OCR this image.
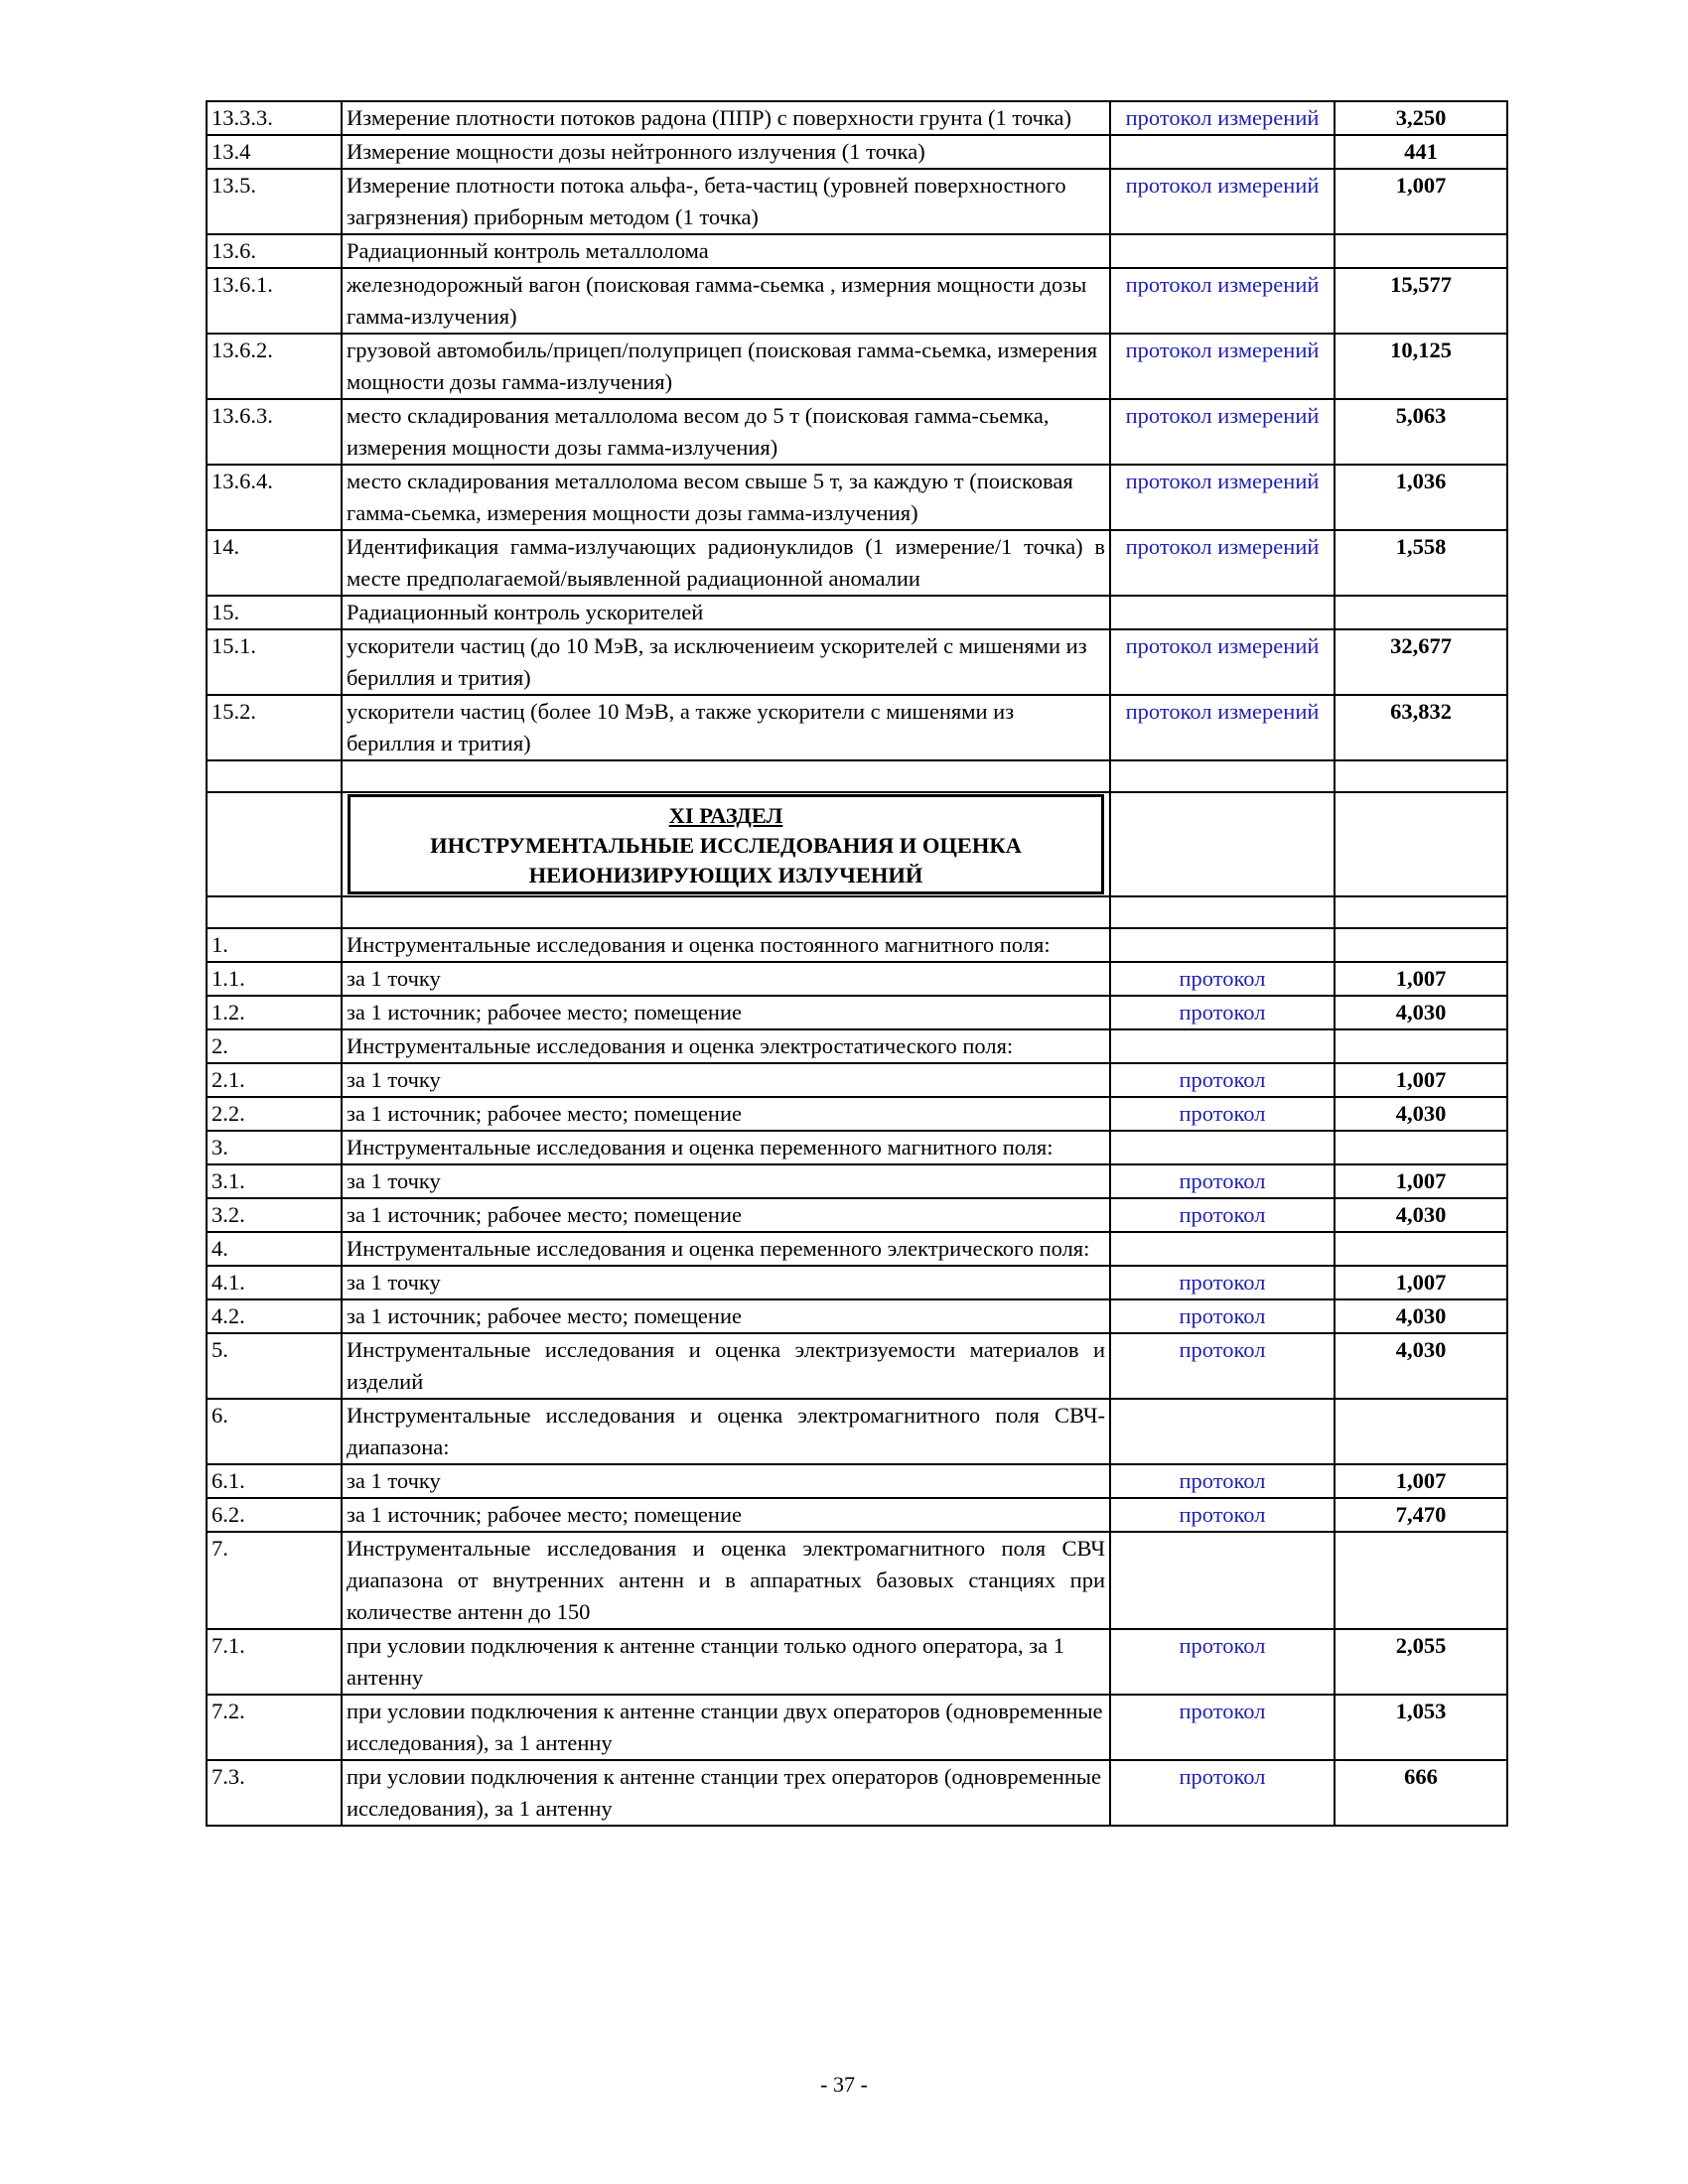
13.3.3.	Измерение плотности потоков радона (ППР) с поверхности грунта (1 точка)	протокол измерений	3,250
13.4	Измерение мощности дозы нейтронного излучения (1 точка)		441
13.5.	Измерение плотности потока альфа-, бета-частиц (уровней поверхностного загрязнения) приборным методом (1 точка)	протокол измерений	1,007
13.6.	Радиационный контроль металлолома		
13.6.1.	железнодорожный вагон (поисковая гамма-сьемка , измерния мощности дозы гамма-излучения)	протокол измерений	15,577
13.6.2.	грузовой автомобиль/прицеп/полуприцеп (поисковая гамма-сьемка, измерения мощности дозы гамма-излучения)	протокол измерений	10,125
13.6.3.	место складирования металлолома весом до 5 т (поисковая гамма-сьемка, измерения мощности дозы гамма-излучения)	протокол измерений	5,063
13.6.4.	место складирования металлолома весом свыше 5 т, за каждую т (поисковая гамма-сьемка, измерения мощности дозы гамма-излучения)	протокол измерений	1,036
14.	Идентификация гамма-излучающих радионуклидов (1 измерение/1 точка) в месте предполагаемой/выявленной радиационной аномалии	протокол измерений	1,558
15.	Радиационный контроль ускорителей		
15.1.	ускорители частиц (до 10 МэВ, за исключениеим ускорителей с мишенями из бериллия и трития)	протокол измерений	32,677
15.2.	ускорители частиц (более 10 МэВ, а также ускорители с мишенями из бериллия и трития)	протокол измерений	63,832

	XI РАЗДЕЛ
ИНСТРУМЕНТАЛЬНЫЕ ИССЛЕДОВАНИЯ И ОЦЕНКА НЕИОНИЗИРУЮЩИХ ИЗЛУЧЕНИЙ		

1.	Инструментальные исследования и оценка постоянного магнитного поля:		
1.1.	за 1 точку	протокол	1,007
1.2.	за 1 источник; рабочее место; помещение	протокол	4,030
2.	Инструментальные исследования и оценка электростатического поля:		
2.1.	за 1 точку	протокол	1,007
2.2.	за 1 источник; рабочее место; помещение	протокол	4,030
3.	Инструментальные исследования и оценка переменного магнитного поля:		
3.1.	за 1 точку	протокол	1,007
3.2.	за 1 источник; рабочее место; помещение	протокол	4,030
4.	Инструментальные исследования и оценка переменного электрического поля:		
4.1.	за 1 точку	протокол	1,007
4.2.	за 1 источник; рабочее место; помещение	протокол	4,030
5.	Инструментальные исследования и оценка электризуемости материалов и изделий	протокол	4,030
6.	Инструментальные исследования и оценка электромагнитного поля СВЧ-диапазона:		
6.1.	за 1 точку	протокол	1,007
6.2.	за 1 источник; рабочее место; помещение	протокол	7,470
7.	Инструментальные исследования и оценка электромагнитного поля СВЧ диапазона от внутренних антенн и в аппаратных базовых станциях при количестве антенн до 150		
7.1.	при условии подключения к антенне станции только одного оператора, за 1 антенну	протокол	2,055
7.2.	при условии подключения к антенне станции двух операторов (одновременные исследования), за 1 антенну	протокол	1,053
7.3.	при условии подключения к антенне станции трех операторов (одновременные исследования), за 1 антенну	протокол	666
- 37 -
